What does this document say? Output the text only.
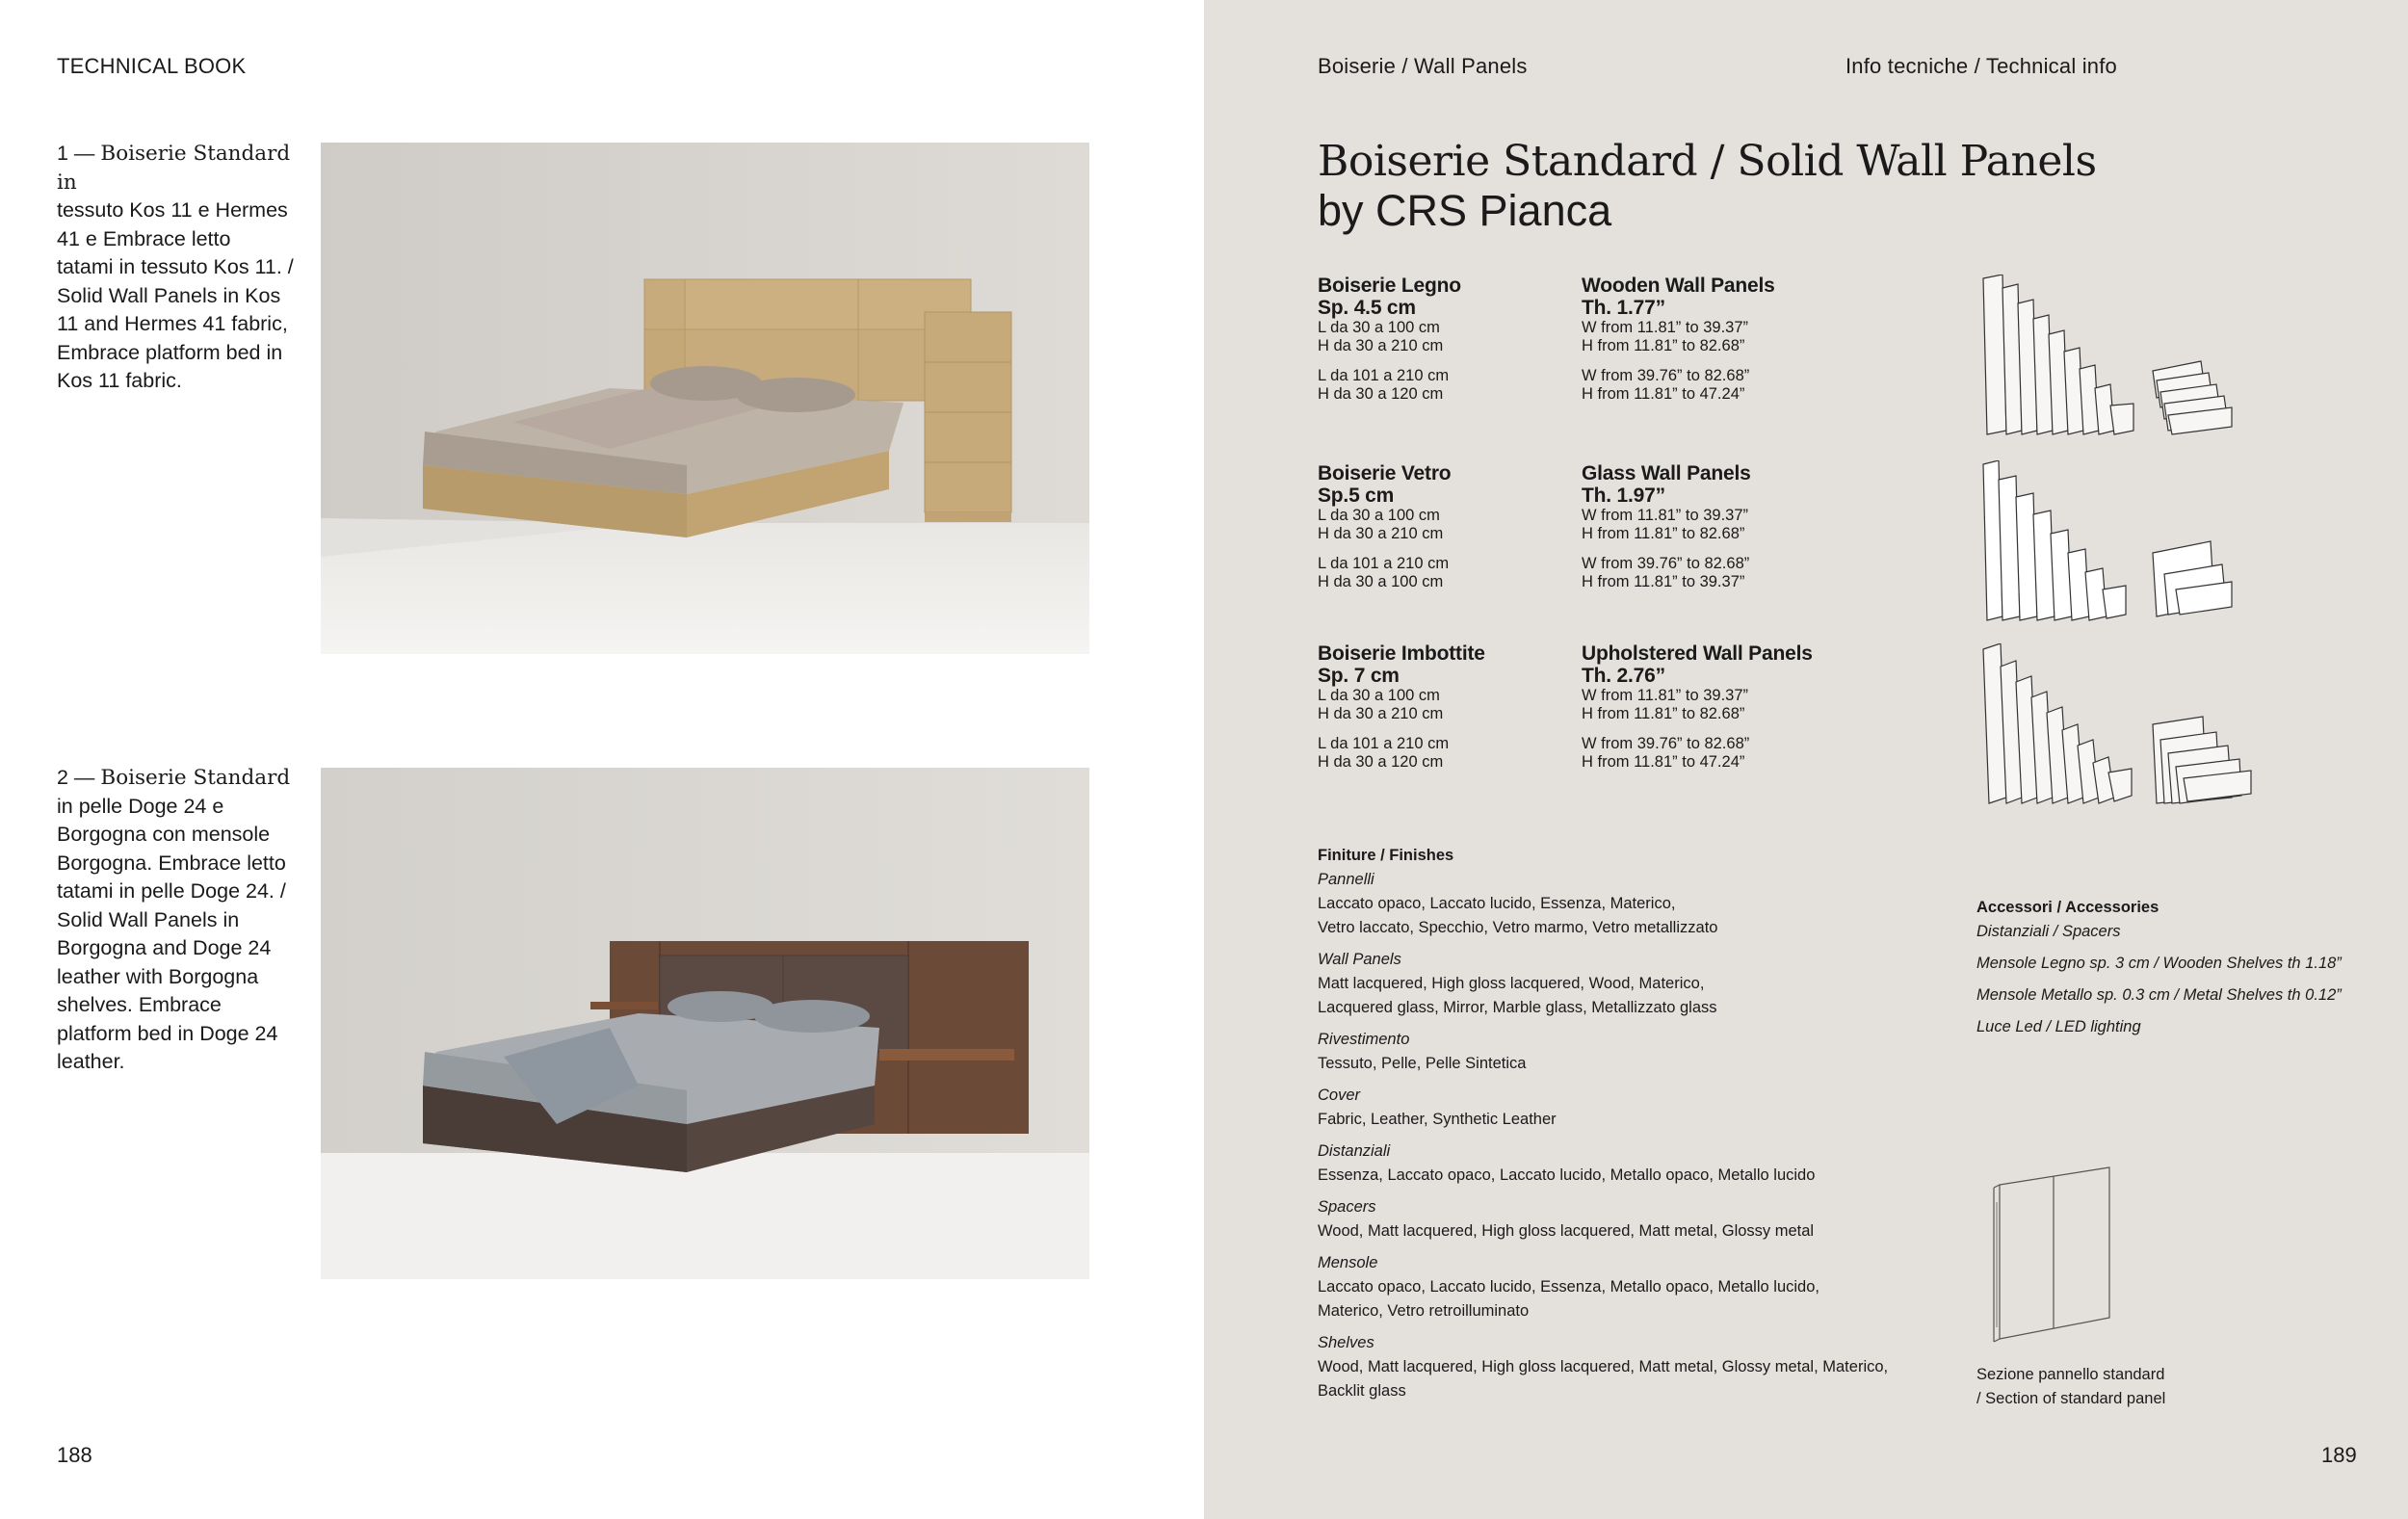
TECHNICAL BOOK
1 — Boiserie Standard in
tessuto Kos 11 e Hermes
41 e Embrace letto
tatami in tessuto Kos 11. /
Solid Wall Panels in Kos
11 and Hermes 41 fabric,
Embrace platform bed in
Kos 11 fabric.
2 — Boiserie Standard
in pelle Doge 24 e
Borgogna con mensole
Borgogna. Embrace letto
tatami in pelle Doge 24. /
Solid Wall Panels in
Borgogna and Doge 24
leather with Borgogna
shelves. Embrace
platform bed in Doge 24
leather.
188
Boiserie / Wall Panels	Info tecniche / Technical info
Boiserie Standard / Solid Wall Panels
by CRS Pianca
Boiserie Legno
Sp. 4.5 cm
L da 30 a 100 cm
H da 30 a 210 cm
L da 101 a 210 cm
H da 30 a 120 cm
Wooden Wall Panels
Th. 1.77”
W from 11.81” to 39.37”
H from 11.81” to 82.68”
W from 39.76” to 82.68”
H from 11.81” to 47.24”
Boiserie Vetro
Sp.5 cm
L da 30 a 100 cm
H da 30 a 210 cm
L da 101 a 210 cm
H da 30 a 100 cm
Glass Wall Panels
Th. 1.97”
W from 11.81” to 39.37”
H from 11.81” to 82.68”
W from 39.76” to 82.68”
H from 11.81” to 39.37”
Boiserie Imbottite
Sp. 7 cm
L da 30 a 100 cm
H da 30 a 210 cm
L da 101 a 210 cm
H da 30 a 120 cm
Upholstered Wall Panels
Th. 2.76”
W from 11.81” to 39.37”
H from 11.81” to 82.68”
W from 39.76” to 82.68”
H from 11.81” to 47.24”
Finiture / Finishes
Pannelli
Laccato opaco, Laccato lucido, Essenza, Materico,
Vetro laccato, Specchio, Vetro marmo, Vetro metallizzato
Wall Panels
Matt lacquered, High gloss lacquered, Wood, Materico,
Lacquered glass, Mirror, Marble glass, Metallizzato glass
Rivestimento
Tessuto, Pelle, Pelle Sintetica
Cover
Fabric, Leather, Synthetic Leather
Distanziali
Essenza, Laccato opaco, Laccato lucido, Metallo opaco, Metallo lucido
Spacers
Wood, Matt lacquered, High gloss lacquered, Matt metal, Glossy metal
Mensole
Laccato opaco, Laccato lucido, Essenza, Metallo opaco, Metallo lucido,
Materico, Vetro retroilluminato
Shelves
Wood, Matt lacquered, High gloss lacquered, Matt metal, Glossy metal, Materico,
Backlit glass
Accessori / Accessories
Distanziali / Spacers
Mensole Legno sp. 3 cm / Wooden Shelves th 1.18”
Mensole Metallo sp. 0.3 cm / Metal Shelves th 0.12”
Luce Led / LED lighting
Sezione pannello standard
/ Section of standard panel
189
